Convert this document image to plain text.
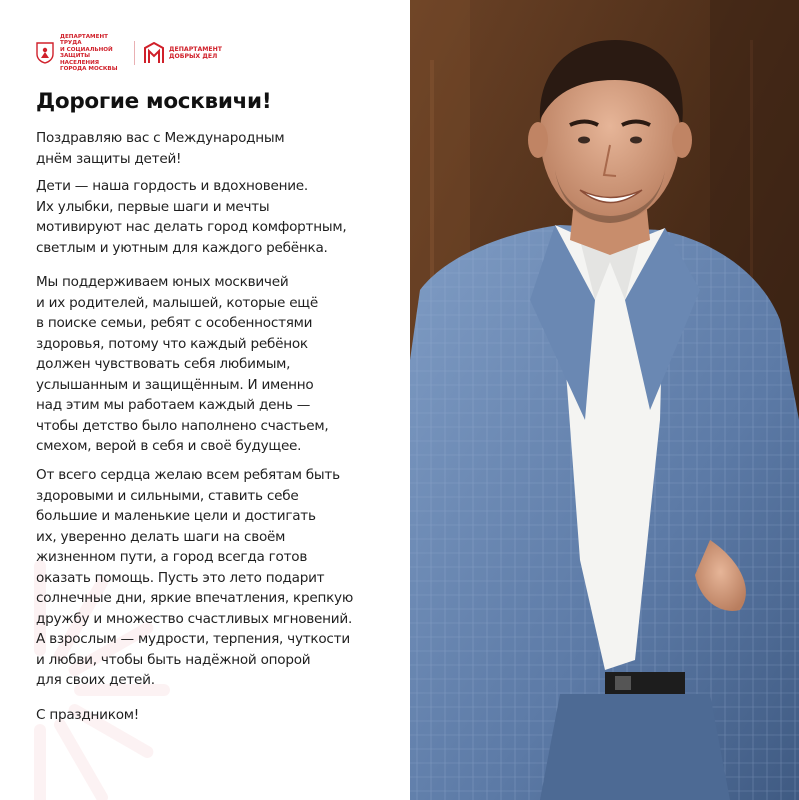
ДЕПАРТАМЕНТ ТРУДА
И СОЦИАЛЬНОЙ
ЗАЩИТЫ НАСЕЛЕНИЯ
ГОРОДА МОСКВЫ
ДЕПАРТАМЕНТ
ДОБРЫХ ДЕЛ
Дорогие москвичи!

Поздравляю вас с Международным
днём защиты детей!

Дети — наша гордость и вдохновение.
Их улыбки, первые шаги и мечты
мотивируют нас делать город комфортным,
светлым и уютным для каждого ребёнка.

Мы поддерживаем юных москвичей
и их родителей, малышей, которые ещё
в поиске семьи, ребят с особенностями
здоровья, потому что каждый ребёнок
должен чувствовать себя любимым,
услышанным и защищённым. И именно
над этим мы работаем каждый день —
чтобы детство было наполнено счастьем,
смехом, верой в себя и своё будущее.

От всего сердца желаю всем ребятам быть
здоровыми и сильными, ставить себе
большие и маленькие цели и достигать
их, уверенно делать шаги на своём
жизненном пути, а город всегда готов
оказать помощь. Пусть это лето подарит
солнечные дни, яркие впечатления, крепкую
дружбу и множество счастливых мгновений.
А взрослым — мудрости, терпения, чуткости
и любви, чтобы быть надёжной опорой
для своих детей.

С праздником!
